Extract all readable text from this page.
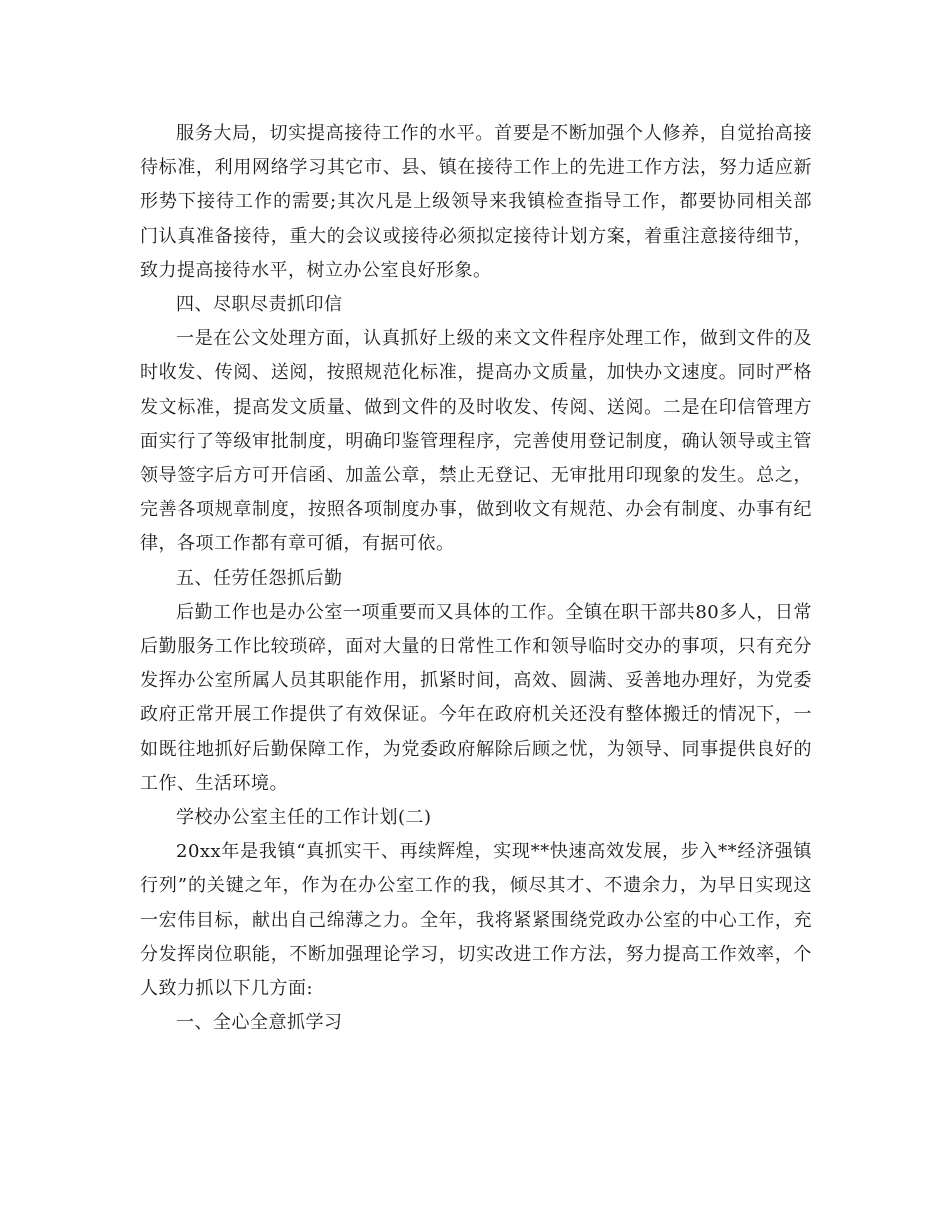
服务大局，切实提高接待工作的水平。首要是不断加强个人修养，自觉抬高接待标准，利用网络学习其它市、县、镇在接待工作上的先进工作方法，努力适应新形势下接待工作的需要;其次凡是上级领导来我镇检查指导工作，都要协同相关部门认真准备接待，重大的会议或接待必须拟定接待计划方案，着重注意接待细节，致力提高接待水平，树立办公室良好形象。

四、尽职尽责抓印信

一是在公文处理方面，认真抓好上级的来文文件程序处理工作，做到文件的及时收发、传阅、送阅，按照规范化标准，提高办文质量，加快办文速度。同时严格发文标准，提高发文质量、做到文件的及时收发、传阅、送阅。二是在印信管理方面实行了等级审批制度，明确印鉴管理程序，完善使用登记制度，确认领导或主管领导签字后方可开信函、加盖公章，禁止无登记、无审批用印现象的发生。总之，完善各项规章制度，按照各项制度办事，做到收文有规范、办会有制度、办事有纪律，各项工作都有章可循，有据可依。

五、任劳任怨抓后勤

后勤工作也是办公室一项重要而又具体的工作。全镇在职干部共80多人，日常后勤服务工作比较琐碎，面对大量的日常性工作和领导临时交办的事项，只有充分发挥办公室所属人员其职能作用，抓紧时间，高效、圆满、妥善地办理好，为党委政府正常开展工作提供了有效保证。今年在政府机关还没有整体搬迁的情况下，一如既往地抓好后勤保障工作，为党委政府解除后顾之忧，为领导、同事提供良好的工作、生活环境。

学校办公室主任的工作计划(二)

20xx年是我镇“真抓实干、再续辉煌，实现**快速高效发展，步入**经济强镇行列”的关键之年，作为在办公室工作的我，倾尽其才、不遗余力，为早日实现这一宏伟目标，献出自己绵薄之力。全年，我将紧紧围绕党政办公室的中心工作，充分发挥岗位职能，不断加强理论学习，切实改进工作方法，努力提高工作效率，个人致力抓以下几方面:

一、全心全意抓学习
